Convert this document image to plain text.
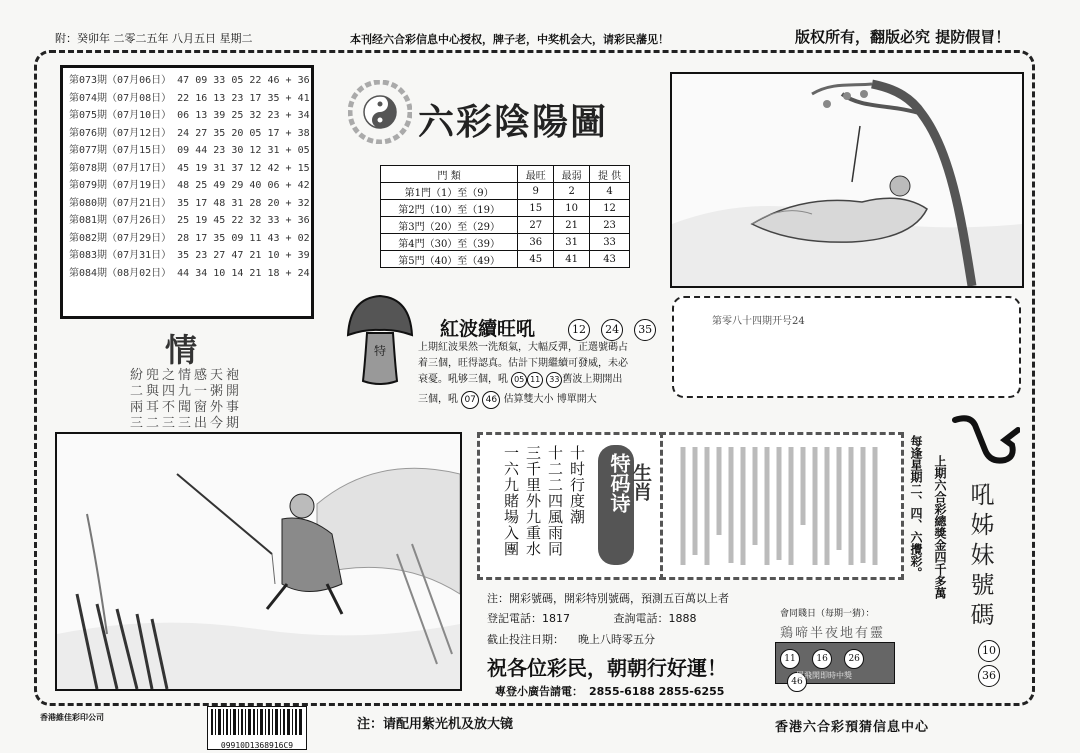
附：癸卯年 二零二五年 八月五日 星期二	本刊经六合彩信息中心授权，牌子老，中奖机会大，请彩民藩见！	版权所有，翻版必究 提防假冒！
第073期（07月06日） 47 09 33 05 22 46 + 36
第074期（07月08日） 22 16 13 23 17 35 + 41
第075期（07月10日） 06 13 39 25 32 23 + 34
第076期（07月12日） 24 27 35 20 05 17 + 38
第077期（07月15日） 09 44 23 30 12 31 + 05
第078期（07月17日） 45 19 31 37 12 42 + 15
第079期（07月19日） 48 25 49 29 40 06 + 42
第080期（07月21日） 35 17 48 31 28 20 + 32
第081期（07月26日） 25 19 45 22 32 33 + 36
第082期（07月29日） 28 17 35 09 11 43 + 02
第083期（07月31日） 35 23 27 47 21 10 + 39
第084期（08月02日） 44 34 10 14 21 18 + 24
六彩陰陽圖
門 類	最旺	最弱	提 供
第1門（1）至（9）	9	2	4
第2門（10）至（19）	15	10	12
第3門（20）至（29）	27	21	23
第4門（30）至（39）	36	31	33
第5門（40）至（49）	45	41	43
第零八十四期开号24
特
紅波續旺吼	12 24 35
上期紅波果然一洗頹氣，大幅反彈，正選號碼占
着三個，旺得認真。估計下期繼續可發威，未必
衰憂。吼够三個，吼 05 11 33 舊波上期開出
三個，吼 07 46 估算雙大小 博單開大
情
紛兜之情感天袍
二與四九一粥開
兩耳不聞窗外事
三二三三出今期
一六九賭場入團 三千里外九重水 十二二四風雨同 十时行度潮 特码诗 生肖	每逢星期二、四、六攪彩。 上期六合彩總獎金四千多萬 吼姊妹號碼
10
36
注：開彩號碼，開彩特別號碼，預測五百萬以上者
登記電話：1817	查詢電話：1888
截止投注日期： 晚上八時零五分
祝各位彩民，朝朝行好運！
專登小廣告請電： 2855-6188 2855-6255
會同賤日（每期一猜）：
鶏啼半夜地有靈
11 16 26 46
買飛開即時中獎
香港維佳彩印公司
09910D1368916C9
注：请配用紫光机及放大镜	香港六合彩預猜信息中心
